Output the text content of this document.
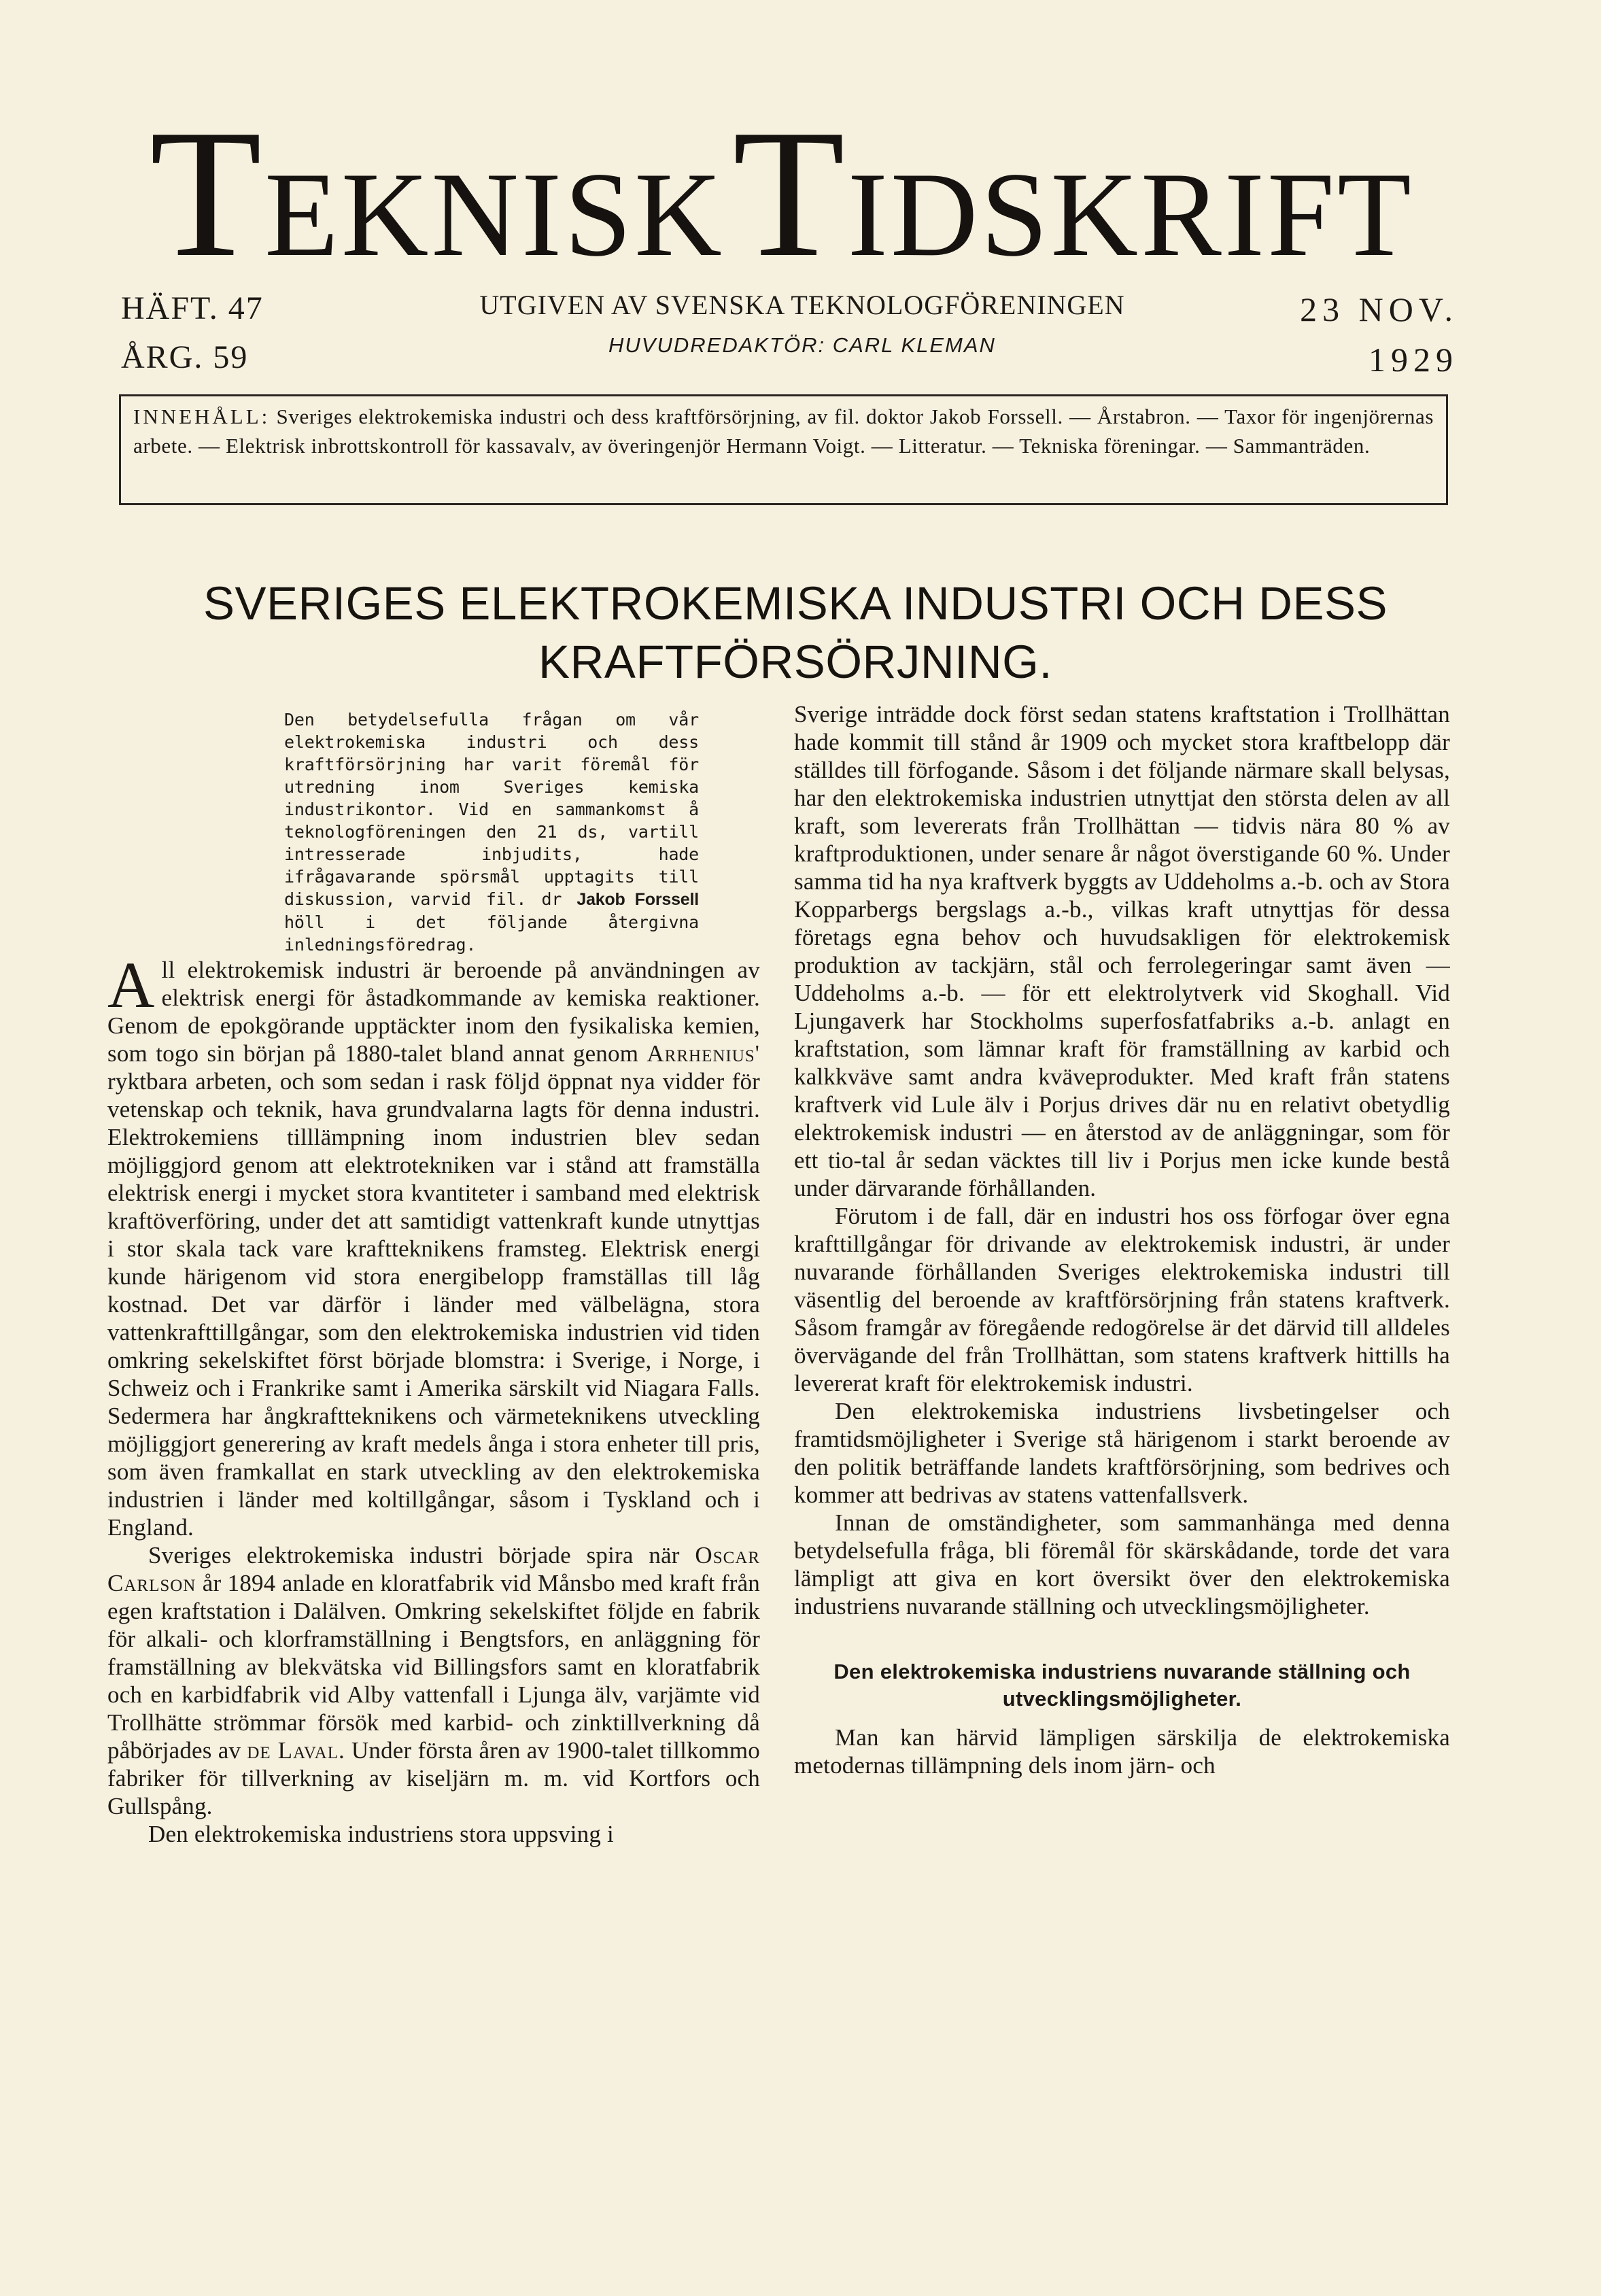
TEKNISKTIDSKRIFT
HÄFT. 47
ÅRG. 59
UTGIVEN AV SVENSKA TEKNOLOGFÖRENINGEN
HUVUDREDAKTÖR: CARL KLEMAN
23 NOV.
1929
INNEHÅLL: Sveriges elektrokemiska industri och dess kraftförsörjning, av fil. doktor Jakob Forssell. — Årstabron. — Taxor för ingenjörernas arbete. — Elektrisk inbrottskontroll för kassavalv, av överingenjör Hermann Voigt. — Litteratur. — Tekniska föreningar. — Sammanträden.
SVERIGES ELEKTROKEMISKA INDUSTRI OCH DESS
KRAFTFÖRSÖRJNING.
Den betydelsefulla frågan om vår elektrokemiska industri och dess kraftförsörjning har varit föremål för utredning inom Sveriges kemiska industrikontor. Vid en sammankomst å teknologföreningen den 21 ds, vartill intresserade inbjudits, hade ifrågavarande spörsmål upptagits till diskussion, varvid fil. dr Jakob Forssell höll i det följande återgivna inledningsföredrag.

All elektrokemisk industri är beroende på användningen av elektrisk energi för åstadkommande av kemiska reaktioner. Genom de epokgörande upptäckter inom den fysikaliska kemien, som togo sin början på 1880-talet bland annat genom Arrhenius' ryktbara arbeten, och som sedan i rask följd öppnat nya vidder för vetenskap och teknik, hava grundvalarna lagts för denna industri. Elektrokemiens tilllämpning inom industrien blev sedan möjliggjord genom att elektrotekniken var i stånd att framställa elektrisk energi i mycket stora kvantiteter i samband med elektrisk kraftöverföring, under det att samtidigt vattenkraft kunde utnyttjas i stor skala tack vare kraftteknikens framsteg. Elektrisk energi kunde härigenom vid stora energibelopp framställas till låg kostnad. Det var därför i länder med välbelägna, stora vattenkrafttillgångar, som den elektrokemiska industrien vid tiden omkring sekelskiftet först började blomstra: i Sverige, i Norge, i Schweiz och i Frankrike samt i Amerika särskilt vid Niagara Falls. Sedermera har ångkraftteknikens och värmeteknikens utveckling möjliggjort generering av kraft medels ånga i stora enheter till pris, som även framkallat en stark utveckling av den elektrokemiska industrien i länder med koltillgångar, såsom i Tyskland och i England.

Sveriges elektrokemiska industri började spira när Oscar Carlson år 1894 anlade en kloratfabrik vid Månsbo med kraft från egen kraftstation i Dalälven. Omkring sekelskiftet följde en fabrik för alkali- och klorframställning i Bengtsfors, en anläggning för framställning av blekvätska vid Billingsfors samt en kloratfabrik och en karbidfabrik vid Alby vattenfall i Ljunga älv, varjämte vid Trollhätte strömmar försök med karbid- och zinktillverkning då påbörjades av de Laval. Under första åren av 1900-talet tillkommo fabriker för tillverkning av kiseljärn m. m. vid Kortfors och Gullspång.

Den elektrokemiska industriens stora uppsving i

Sverige inträdde dock först sedan statens kraftstation i Trollhättan hade kommit till stånd år 1909 och mycket stora kraftbelopp där ställdes till förfogande. Såsom i det följande närmare skall belysas, har den elektrokemiska industrien utnyttjat den största delen av all kraft, som levererats från Trollhättan — tidvis nära 80 % av kraftproduktionen, under senare år något överstigande 60 %. Under samma tid ha nya kraftverk byggts av Uddeholms a.-b. och av Stora Kopparbergs bergslags a.-b., vilkas kraft utnyttjas för dessa företags egna behov och huvudsakligen för elektrokemisk produktion av tackjärn, stål och ferrolegeringar samt även — Uddeholms a.-b. — för ett elektrolytverk vid Skoghall. Vid Ljungaverk har Stockholms superfosfatfabriks a.-b. anlagt en kraftstation, som lämnar kraft för framställning av karbid och kalkkväve samt andra kväveprodukter. Med kraft från statens kraftverk vid Lule älv i Porjus drives där nu en relativt obetydlig elektrokemisk industri — en återstod av de anläggningar, som för ett tio-tal år sedan väcktes till liv i Porjus men icke kunde bestå under därvarande förhållanden.

Förutom i de fall, där en industri hos oss förfogar över egna krafttillgångar för drivande av elektrokemisk industri, är under nuvarande förhållanden Sveriges elektrokemiska industri till väsentlig del beroende av kraftförsörjning från statens kraftverk. Såsom framgår av föregående redogörelse är det därvid till alldeles övervägande del från Trollhättan, som statens kraftverk hittills ha levererat kraft för elektrokemisk industri.

Den elektrokemiska industriens livsbetingelser och framtidsmöjligheter i Sverige stå härigenom i starkt beroende av den politik beträffande landets kraftförsörjning, som bedrives och kommer att bedrivas av statens vattenfallsverk.

Innan de omständigheter, som sammanhänga med denna betydelsefulla fråga, bli föremål för skärskådande, torde det vara lämpligt att giva en kort översikt över den elektrokemiska industriens nuvarande ställning och utvecklingsmöjligheter.

Den elektrokemiska industriens nuvarande ställning och utvecklingsmöjligheter.

Man kan härvid lämpligen särskilja de elektrokemiska metodernas tillämpning dels inom järn- och
